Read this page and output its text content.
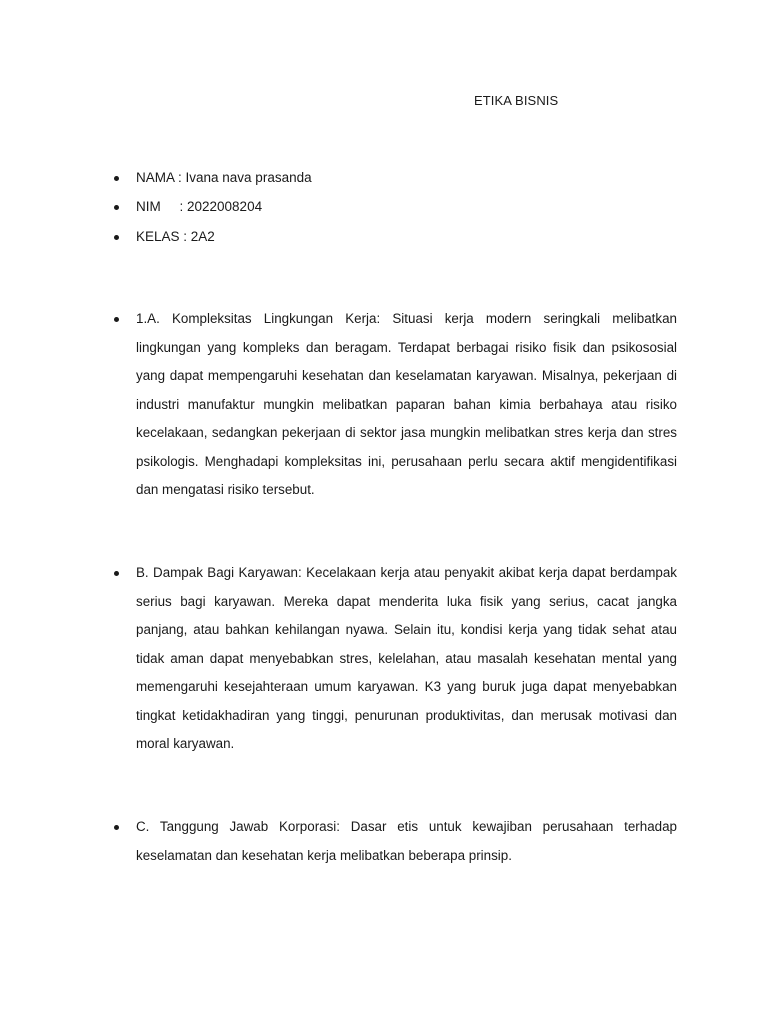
ETIKA BISNIS
NAMA : Ivana nava prasanda
NIM     : 2022008204
KELAS : 2A2

1.A. Kompleksitas Lingkungan Kerja: Situasi kerja modern seringkali melibatkan lingkungan yang kompleks dan beragam. Terdapat berbagai risiko fisik dan psikososial yang dapat mempengaruhi kesehatan dan keselamatan karyawan. Misalnya, pekerjaan di industri manufaktur mungkin melibatkan paparan bahan kimia berbahaya atau risiko kecelakaan, sedangkan pekerjaan di sektor jasa mungkin melibatkan stres kerja dan stres psikologis. Menghadapi kompleksitas ini, perusahaan perlu secara aktif mengidentifikasi dan mengatasi risiko tersebut.

B. Dampak Bagi Karyawan: Kecelakaan kerja atau penyakit akibat kerja dapat berdampak serius bagi karyawan. Mereka dapat menderita luka fisik yang serius, cacat jangka panjang, atau bahkan kehilangan nyawa. Selain itu, kondisi kerja yang tidak sehat atau tidak aman dapat menyebabkan stres, kelelahan, atau masalah kesehatan mental yang memengaruhi kesejahteraan umum karyawan. K3 yang buruk juga dapat menyebabkan tingkat ketidakhadiran yang tinggi, penurunan produktivitas, dan merusak motivasi dan moral karyawan.

C. Tanggung Jawab Korporasi: Dasar etis untuk kewajiban perusahaan terhadap keselamatan dan kesehatan kerja melibatkan beberapa prinsip.
